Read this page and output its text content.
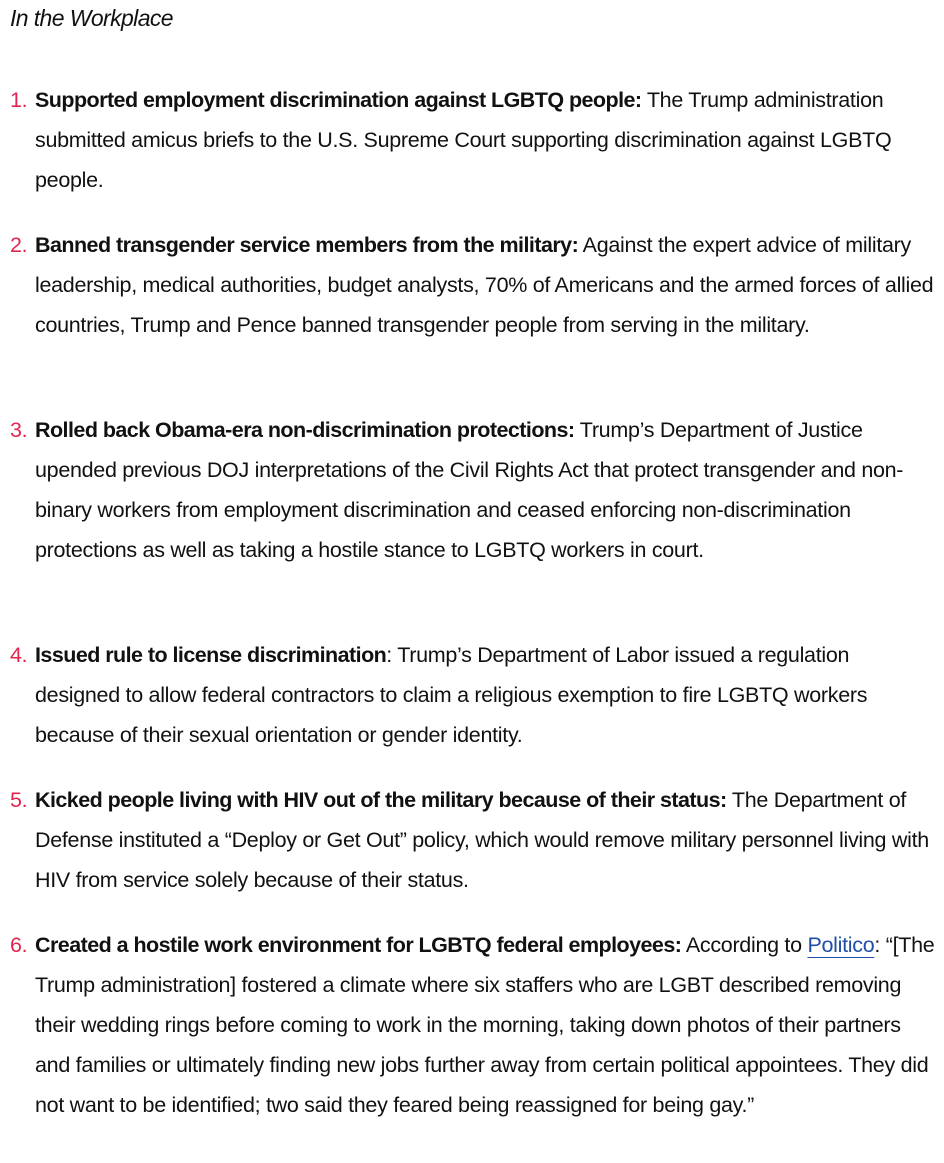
In the Workplace
1. Supported employment discrimination against LGBTQ people: The Trump administration submitted amicus briefs to the U.S. Supreme Court supporting discrimination against LGBTQ people.
2. Banned transgender service members from the military: Against the expert advice of military leadership, medical authorities, budget analysts, 70% of Americans and the armed forces of allied countries, Trump and Pence banned transgender people from serving in the military.
3. Rolled back Obama-era non-discrimination protections: Trump’s Department of Justice upended previous DOJ interpretations of the Civil Rights Act that protect transgender and non-binary workers from employment discrimination and ceased enforcing non-discrimination protections as well as taking a hostile stance to LGBTQ workers in court.
4. Issued rule to license discrimination: Trump’s Department of Labor issued a regulation designed to allow federal contractors to claim a religious exemption to fire LGBTQ workers because of their sexual orientation or gender identity.
5. Kicked people living with HIV out of the military because of their status: The Department of Defense instituted a “Deploy or Get Out” policy, which would remove military personnel living with HIV from service solely because of their status.
6. Created a hostile work environment for LGBTQ federal employees: According to Politico: “[The Trump administration] fostered a climate where six staffers who are LGBT described removing their wedding rings before coming to work in the morning, taking down photos of their partners and families or ultimately finding new jobs further away from certain political appointees. They did not want to be identified; two said they feared being reassigned for being gay.”
